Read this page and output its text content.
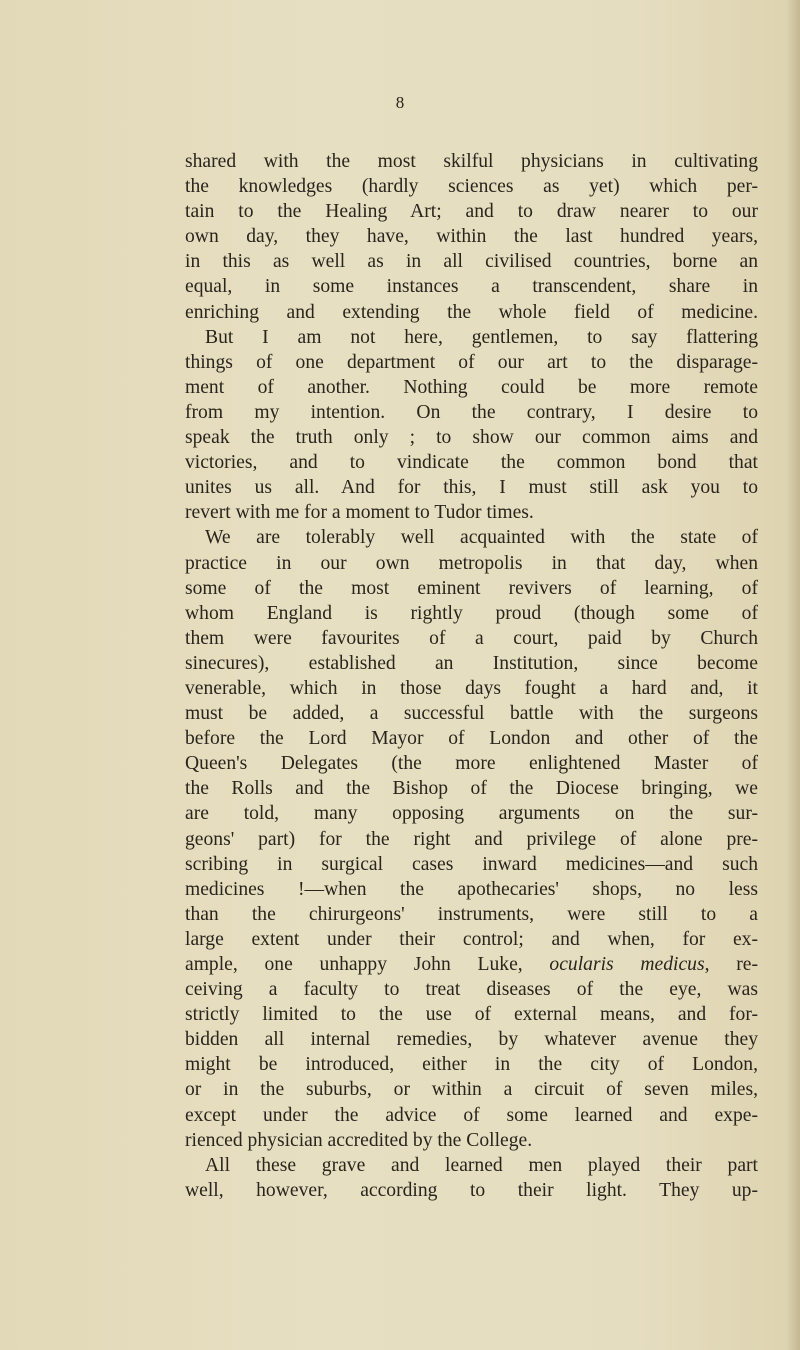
8
shared with the most skilful physicians in cultivating
the knowledges (hardly sciences as yet) which per-
tain to the Healing Art; and to draw nearer to our
own day, they have, within the last hundred years,
in this as well as in all civilised countries, borne an
equal, in some instances a transcendent, share in
enriching and extending the whole field of medicine.
But I am not here, gentlemen, to say flattering
things of one department of our art to the disparage-
ment of another. Nothing could be more remote
from my intention. On the contrary, I desire to
speak the truth only ; to show our common aims and
victories, and to vindicate the common bond that
unites us all. And for this, I must still ask you to
revert with me for a moment to Tudor times.
We are tolerably well acquainted with the state of
practice in our own metropolis in that day, when
some of the most eminent revivers of learning, of
whom England is rightly proud (though some of
them were favourites of a court, paid by Church
sinecures), established an Institution, since become
venerable, which in those days fought a hard and, it
must be added, a successful battle with the surgeons
before the Lord Mayor of London and other of the
Queen's Delegates (the more enlightened Master of
the Rolls and the Bishop of the Diocese bringing, we
are told, many opposing arguments on the sur-
geons' part) for the right and privilege of alone pre-
scribing in surgical cases inward medicines—and such
medicines !—when the apothecaries' shops, no less
than the chirurgeons' instruments, were still to a
large extent under their control; and when, for ex-
ample, one unhappy John Luke, ocularis medicus, re-
ceiving a faculty to treat diseases of the eye, was
strictly limited to the use of external means, and for-
bidden all internal remedies, by whatever avenue they
might be introduced, either in the city of London,
or in the suburbs, or within a circuit of seven miles,
except under the advice of some learned and expe-
rienced physician accredited by the College.
All these grave and learned men played their part
well, however, according to their light. They up-
